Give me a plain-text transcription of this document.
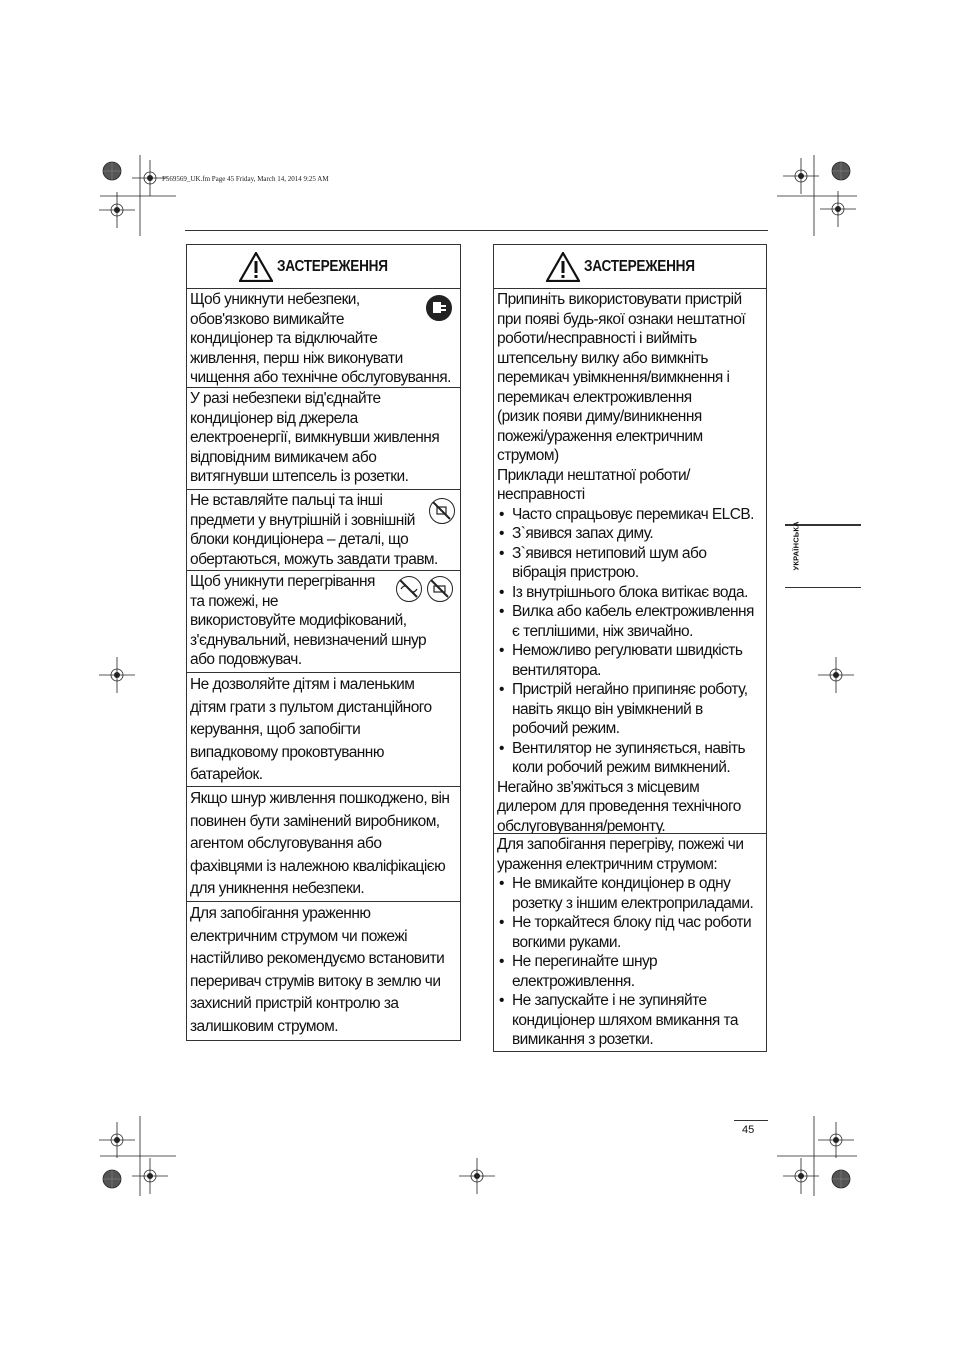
F569569_UK.fm Page 45 Friday, March 14, 2014 9:25 AM
ЗАСТЕРЕЖЕННЯ

Щоб уникнути небезпеки,
обов'язково вимикайте
кондиціонер та відключайте
живлення, перш ніж виконувати
чищення або технічне обслуговування.

У разі небезпеки від'єднайте
кондиціонер від джерела
електроенергії, вимкнувши живлення
відповідним вимикачем або
витягнувши штепсель із розетки.

Не вставляйте пальці та інші
предмети у внутрішній і зовнішній
блоки кондиціонера – деталі, що
обертаються, можуть завдати травм.

Щоб уникнути перегрівання
та пожежі, не
використовуйте модифікований,
з'єднувальний, невизначений шнур
або подовжувач.

Не дозволяйте дітям і маленьким
дітям грати з пультом дистанційного
керування, щоб запобігти
випадковому проковтуванню
батарейок.

Якщо шнур живлення пошкоджено, він
повинен бути замінений виробником,
агентом обслуговування або
фахівцями із належною кваліфікацією
для уникнення небезпеки.

Для запобігання ураженню
електричним струмом чи пожежі
настійливо рекомендуємо встановити
переривач струмів витоку в землю чи
захисний пристрій контролю за
залишковим струмом.

ЗАСТЕРЕЖЕННЯ

Припиніть використовувати пристрій
при появі будь-якої ознаки нештатної
роботи/несправності і вийміть
штепсельну вилку або вимкніть
перемикач увімкнення/вимкнення і
перемикач електроживлення
(ризик появи диму/виникнення
пожежі/ураження електричним
струмом)
Приклади нештатної роботи/
несправності

• Часто спрацьовує перемикач ELCB.
• З`явився запах диму.
• З`явився нетиповий шум або
вібрація пристрою.
• Із внутрішнього блока витікає вода.
• Вилка або кабель електроживлення
є теплішими, ніж звичайно.
• Неможливо регулювати швидкість
вентилятора.
• Пристрій негайно припиняє роботу,
навіть якщо він увімкнений в
робочий режим.
• Вентилятор не зупиняється, навіть
коли робочий режим вимкнений.

Негайно зв'яжіться з місцевим
дилером для проведення технічного
обслуговування/ремонту.

Для запобігання перегріву, пожежі чи
ураження електричним струмом:

• Не вмикайте кондиціонер в одну
розетку з іншим електроприладами.
• Не торкайтеся блоку під час роботи
вогкими руками.
• Не перегинайте шнур
електроживлення.
• Не запускайте і не зупиняйте
кондиціонер шляхом вмикання та
вимикання з розетки.
УКРАЇНСЬКА
45
